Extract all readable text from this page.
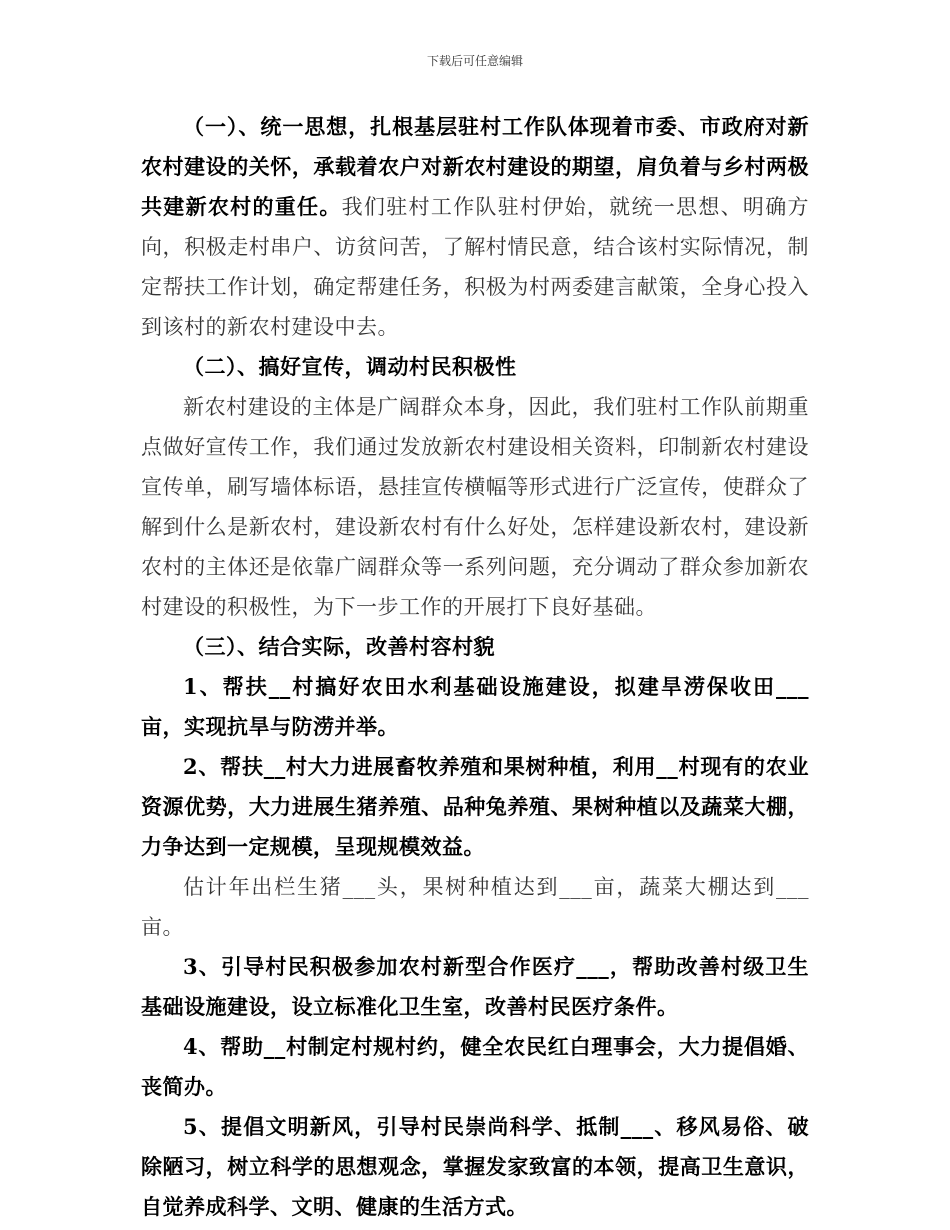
下载后可任意编辑

（一）、统一思想，扎根基层驻村工作队体现着市委、市政府对新农村建设的关怀，承载着农户对新农村建设的期望，肩负着与乡村两极共建新农村的重任。我们驻村工作队驻村伊始，就统一思想、明确方向，积极走村串户、访贫问苦，了解村情民意，结合该村实际情况，制定帮扶工作计划，确定帮建任务，积极为村两委建言献策，全身心投入到该村的新农村建设中去。

（二）、搞好宣传，调动村民积极性

新农村建设的主体是广阔群众本身，因此，我们驻村工作队前期重点做好宣传工作，我们通过发放新农村建设相关资料，印制新农村建设宣传单，刷写墙体标语，悬挂宣传横幅等形式进行广泛宣传，使群众了解到什么是新农村，建设新农村有什么好处，怎样建设新农村，建设新农村的主体还是依靠广阔群众等一系列问题，充分调动了群众参加新农村建设的积极性，为下一步工作的开展打下良好基础。

（三）、结合实际，改善村容村貌

1、帮扶__村搞好农田水利基础设施建设，拟建旱涝保收田___亩，实现抗旱与防涝并举。

2、帮扶__村大力进展畜牧养殖和果树种植，利用__村现有的农业资源优势，大力进展生猪养殖、品种兔养殖、果树种植以及蔬菜大棚，力争达到一定规模，呈现规模效益。

估计年出栏生猪___头，果树种植达到___亩，蔬菜大棚达到___亩。

3、引导村民积极参加农村新型合作医疗___，帮助改善村级卫生基础设施建设，设立标准化卫生室，改善村民医疗条件。

4、帮助__村制定村规村约，健全农民红白理事会，大力提倡婚、丧简办。

5、提倡文明新风，引导村民崇尚科学、抵制___、移风易俗、破除陋习，树立科学的思想观念，掌握发家致富的本领，提高卫生意识，自觉养成科学、文明、健康的生活方式。
